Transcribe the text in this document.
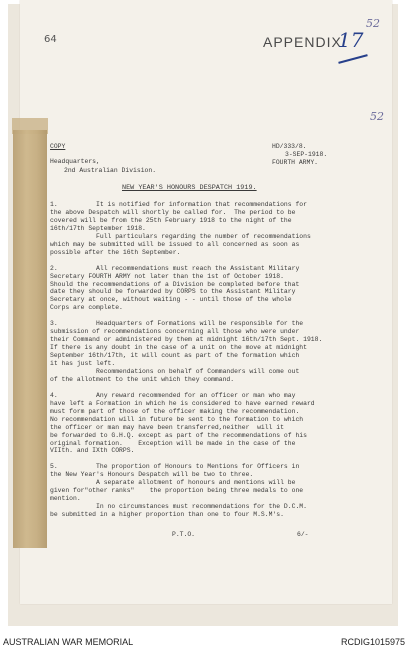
64
52
52
APPENDIX
17
COPY	HD/333/8.
3-SEP-1918.
FOURTH ARMY.
Headquarters,
2nd Australian Division.
NEW YEAR'S HONOURS DESPATCH 1919.
1.          It is notified for information that recommendations for
the above Despatch will shortly be called for.  The period to be
covered will be from the 25th February 1918 to the night of the
16th/17th September 1918.
Full particulars regarding the number of recommendations
which may be submitted will be issued to all concerned as soon as
possible after the 16th September.
2.          All recommendations must reach the Assistant Military
Secretary FOURTH ARMY not later than the 1st of October 1918.
Should the recommendations of a Division be completed before that
date they should be forwarded by CORPS to the Assistant Military
Secretary at once, without waiting - - until those of the whole
Corps are complete.
3.          Headquarters of Formations will be responsible for the
submission of recommendations concerning all those who were under
their Command or administered by them at midnight 16th/17th Sept. 1918.
If there is any doubt in the case of a unit on the move at midnight
September 16th/17th, it will count as part of the formation which
it has just left.
Recommendations on behalf of Commanders will come out
of the allotment to the unit which they command.
4.          Any reward recommended for an officer or man who may
have left a Formation in which he is considered to have earned reward
must form part of those of the officer making the recommendation.
No recommendation will in future be sent to the formation to which
the officer or man may have been transferred,neither  will it
be forwarded to G.H.Q. except as part of the recommendations of his
original formation.    Exception will be made in the case of the
VIIth. and IXth CORPS.
5.          The proportion of Honours to Mentions for Officers in
the New Year's Honours Despatch will be two to three.
A separate allotment of honours and mentions will be
given for"other ranks"    the proportion being three medals to one
mention.
In no circumstances must recommendations for the D.C.M.
be submitted in a higher proportion than one to four M.S.M's.
P.T.O.	6/-
AUSTRALIAN WAR MEMORIAL	RCDIG1015975
